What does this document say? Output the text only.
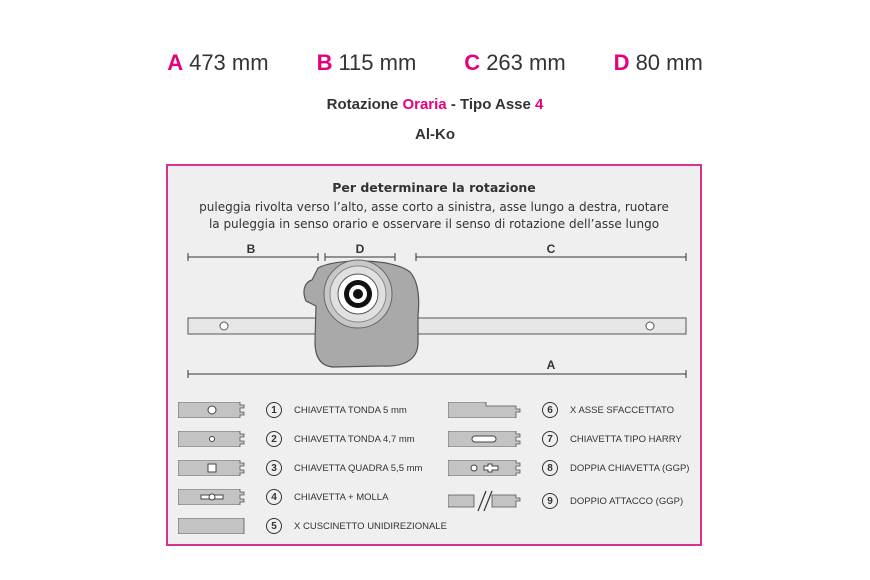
A 473 mm B 115 mm C 263 mm D 80 mm
Rotazione Oraria - Tipo Asse 4
Al-Ko
Per determinare la rotazione
puleggia rivolta verso l’alto, asse corto a sinistra, asse lungo a destra, ruotare
la puleggia in senso orario e osservare il senso di rotazione dell’asse lungo
B	D	C
A
1	CHIAVETTA TONDA 5 mm
2	CHIAVETTA TONDA 4,7 mm
3	CHIAVETTA QUADRA 5,5 mm
4	CHIAVETTA + MOLLA
5	X CUSCINETTO UNIDIREZIONALE
6	X ASSE SFACCETTATO
7	CHIAVETTA TIPO HARRY
8	DOPPIA CHIAVETTA (GGP)
9	DOPPIO ATTACCO (GGP)
